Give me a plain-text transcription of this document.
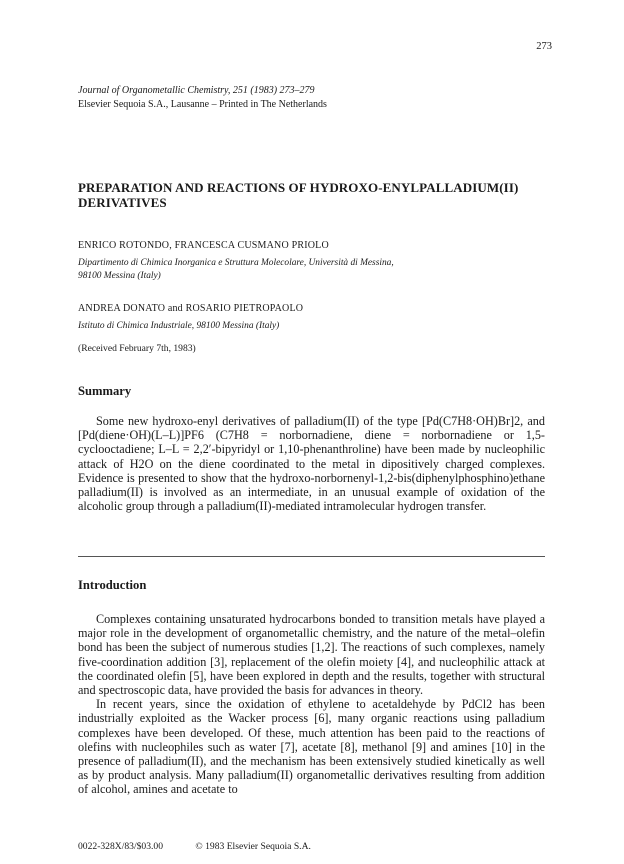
273
Journal of Organometallic Chemistry, 251 (1983) 273–279
Elsevier Sequoia S.A., Lausanne – Printed in The Netherlands
PREPARATION AND REACTIONS OF HYDROXO-ENYLPALLADIUM(II)
DERIVATIVES
ENRICO ROTONDO, FRANCESCA CUSMANO PRIOLO
Dipartimento di Chimica Inorganica e Struttura Molecolare, Università di Messina,
98100 Messina (Italy)
ANDREA DONATO and ROSARIO PIETROPAOLO
Istituto di Chimica Industriale, 98100 Messina (Italy)
(Received February 7th, 1983)
Summary

Some new hydroxo-enyl derivatives of palladium(II) of the type [Pd(C7H8·OH)Br]2, and [Pd(diene·OH)(L–L)]PF6 (C7H8 = norbornadiene, diene = norbornadiene or 1,5-cyclooctadiene; L–L = 2,2′-bipyridyl or 1,10-phenanthroline) have been made by nucleophilic attack of H2O on the diene coordinated to the metal in dipositively charged complexes. Evidence is presented to show that the hydroxo-norbornenyl-1,2-bis(diphenylphosphino)ethane palladium(II) is involved as an intermediate, in an unusual example of oxidation of the alcoholic group through a palladium(II)-mediated intramolecular hydrogen transfer.

Introduction

Complexes containing unsaturated hydrocarbons bonded to transition metals have played a major role in the development of organometallic chemistry, and the nature of the metal–olefin bond has been the subject of numerous studies [1,2]. The reactions of such complexes, namely five-coordination addition [3], replacement of the olefin moiety [4], and nucleophilic attack at the coordinated olefin [5], have been explored in depth and the results, together with structural and spectroscopic data, have provided the basis for advances in theory.

In recent years, since the oxidation of ethylene to acetaldehyde by PdCl2 has been industrially exploited as the Wacker process [6], many organic reactions using palladium complexes have been developed. Of these, much attention has been paid to the reactions of olefins with nucleophiles such as water [7], acetate [8], methanol [9] and amines [10] in the presence of palladium(II), and the mechanism has been extensively studied kinetically as well as by product analysis. Many palladium(II) organometallic derivatives resulting from addition of alcohol, amines and acetate to

0022-328X/83/$03.00	© 1983 Elsevier Sequoia S.A.
